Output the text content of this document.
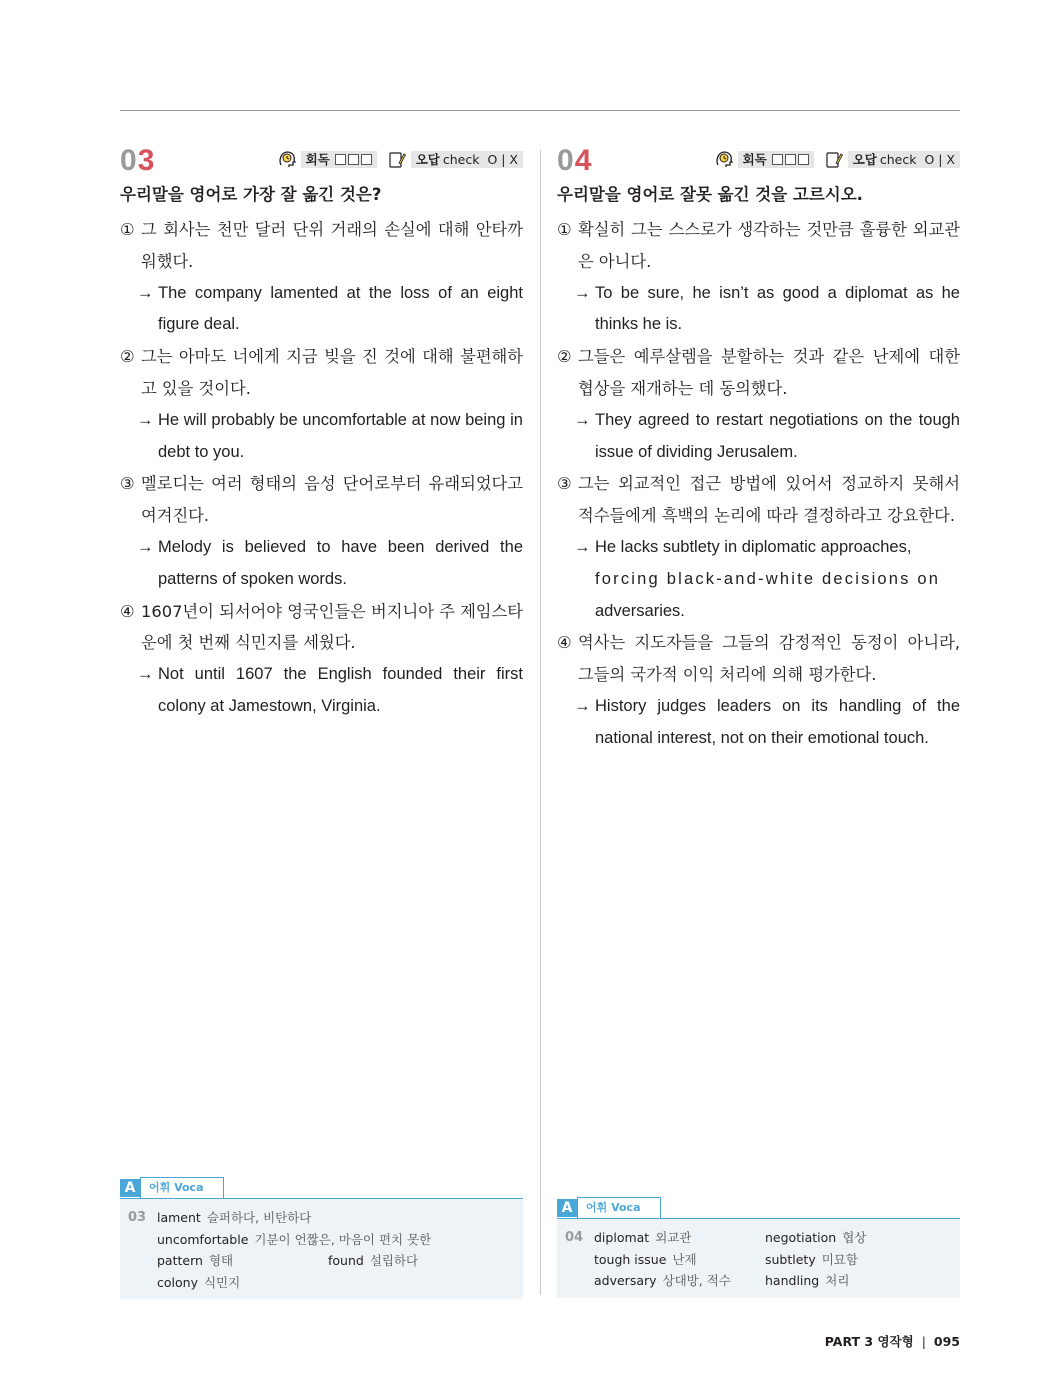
03	회독	오답 check
O | X
우리말을 영어로 가장 잘 옮긴 것은?
① 그 회사는 천만 달러 단위 거래의 손실에 대해 안타까워했다.
→ The company lamented at the loss of an eight figure deal.
② 그는 아마도 너에게 지금 빚을 진 것에 대해 불편해하고 있을 것이다.
→ He will probably be uncomfortable at now being in debt to you.
③ 멜로디는 여러 형태의 음성 단어로부터 유래되었다고 여겨진다.
→ Melody is believed to have been derived the patterns of spoken words.
④ 1607년이 되서어야 영국인들은 버지니아 주 제임스타운에 첫 번째 식민지를 세웠다.
→ Not until 1607 the English founded their first colony at Jamestown, Virginia.
04	회독	오답 check
O | X
우리말을 영어로 잘못 옮긴 것을 고르시오.
① 확실히 그는 스스로가 생각하는 것만큼 훌륭한 외교관은 아니다.
→ To be sure, he isn’t as good a diplomat as he thinks he is.
② 그들은 예루살렘을 분할하는 것과 같은 난제에 대한 협상을 재개하는 데 동의했다.
→ They agreed to restart negotiations on the tough issue of dividing Jerusalem.
③ 그는 외교적인 접근 방법에 있어서 정교하지 못해서 적수들에게 흑백의 논리에 따라 결정하라고 강요한다.
→ He lacks subtlety in diplomatic approaches,
forcing black-and-white decisions on
adversaries.
④ 역사는 지도자들을 그들의 감정적인 동정이 아니라, 그들의 국가적 이익 처리에 의해 평가한다.
→ History judges leaders on its handling of the national interest, not on their emotional touch.
A	어휘 Voca
03 lament 슬퍼하다, 비탄하다
uncomfortable 기분이 언짢은, 마음이 편치 못한
pattern 형태	found 설립하다
colony 식민지
A	어휘 Voca
04 diplomat 외교관	negotiation 협상
tough issue 난제	subtlety 미묘함
adversary 상대방, 적수	handling 처리
PART 3 영작형 | 095
